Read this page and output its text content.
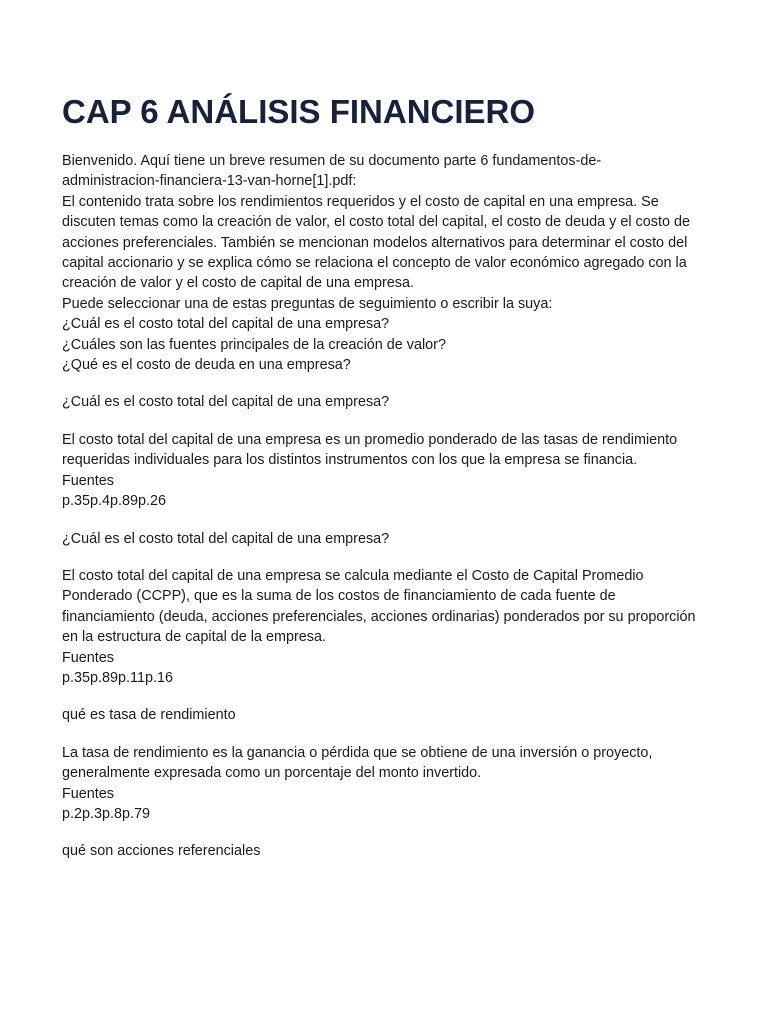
CAP 6 ANÁLISIS FINANCIERO

Bienvenido. Aquí tiene un breve resumen de su documento parte 6 fundamentos-de-

administracion-financiera-13-van-horne[1].pdf:

El contenido trata sobre los rendimientos requeridos y el costo de capital en una empresa. Se

discuten temas como la creación de valor, el costo total del capital, el costo de deuda y el costo de

acciones preferenciales. También se mencionan modelos alternativos para determinar el costo del

capital accionario y se explica cómo se relaciona el concepto de valor económico agregado con la

creación de valor y el costo de capital de una empresa.

Puede seleccionar una de estas preguntas de seguimiento o escribir la suya:

¿Cuál es el costo total del capital de una empresa?

¿Cuáles son las fuentes principales de la creación de valor?

¿Qué es el costo de deuda en una empresa?

¿Cuál es el costo total del capital de una empresa?

El costo total del capital de una empresa es un promedio ponderado de las tasas de rendimiento

requeridas individuales para los distintos instrumentos con los que la empresa se financia.

Fuentes

p.35p.4p.89p.26

¿Cuál es el costo total del capital de una empresa?

El costo total del capital de una empresa se calcula mediante el Costo de Capital Promedio

Ponderado (CCPP), que es la suma de los costos de financiamiento de cada fuente de

financiamiento (deuda, acciones preferenciales, acciones ordinarias) ponderados por su proporción

en la estructura de capital de la empresa.

Fuentes

p.35p.89p.11p.16

qué es tasa de rendimiento

La tasa de rendimiento es la ganancia o pérdida que se obtiene de una inversión o proyecto,

generalmente expresada como un porcentaje del monto invertido.

Fuentes

p.2p.3p.8p.79

qué son acciones referenciales
